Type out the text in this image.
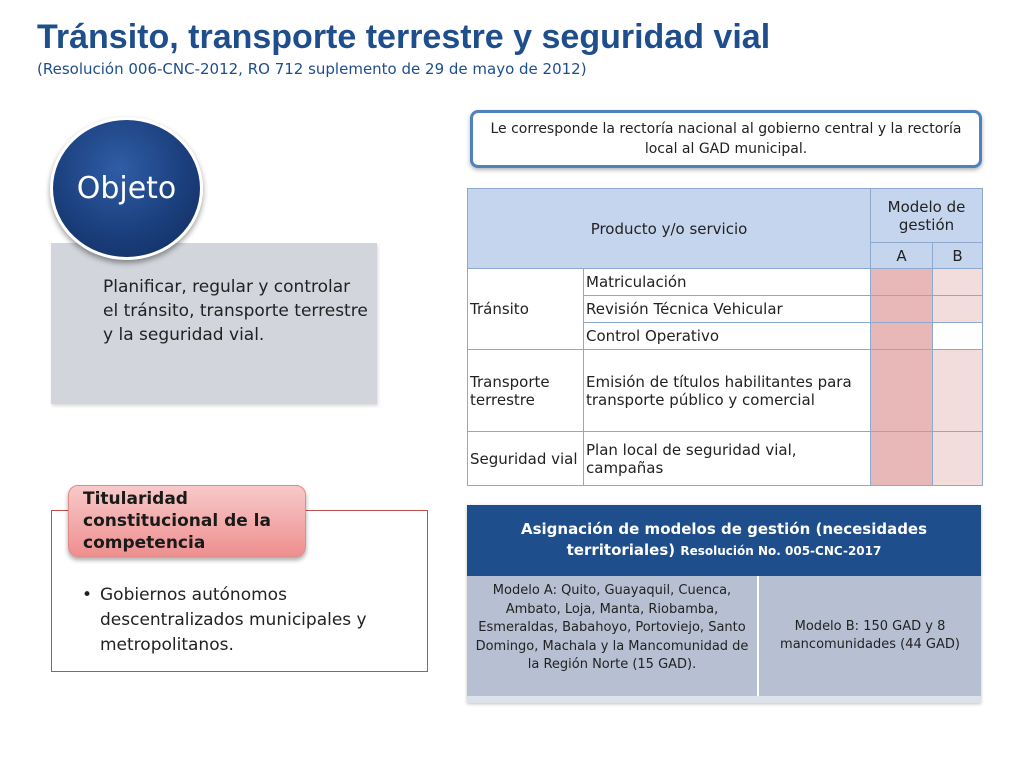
Tránsito, transporte terrestre y seguridad vial
(Resolución 006-CNC-2012, RO 712 suplemento de 29 de mayo de 2012)
Planificar, regular y controlar el tránsito, transporte terrestre y la seguridad vial.
Objeto
• Gobiernos autónomos descentralizados municipales y metropolitanos.
Titularidad constitucional de la competencia
Le corresponde la rectoría nacional al gobierno central y la rectoría local al GAD municipal.
Producto y/o servicio		Modelo de gestión	
		A	B
Tránsito	Matriculación		
	Revisión Técnica Vehicular		
	Control Operativo		
Transporte terrestre	Emisión de títulos habilitantes para transporte público y comercial		
Seguridad vial	Plan local de seguridad vial, campañas		
Asignación de modelos de gestión (necesidades territoriales) Resolución No. 005-CNC-2017
Modelo A: Quito, Guayaquil, Cuenca, Ambato, Loja, Manta, Riobamba, Esmeraldas, Babahoyo, Portoviejo, Santo Domingo, Machala y la Mancomunidad de la Región Norte (15 GAD).
Modelo B: 150 GAD y 8 mancomunidades (44 GAD)
